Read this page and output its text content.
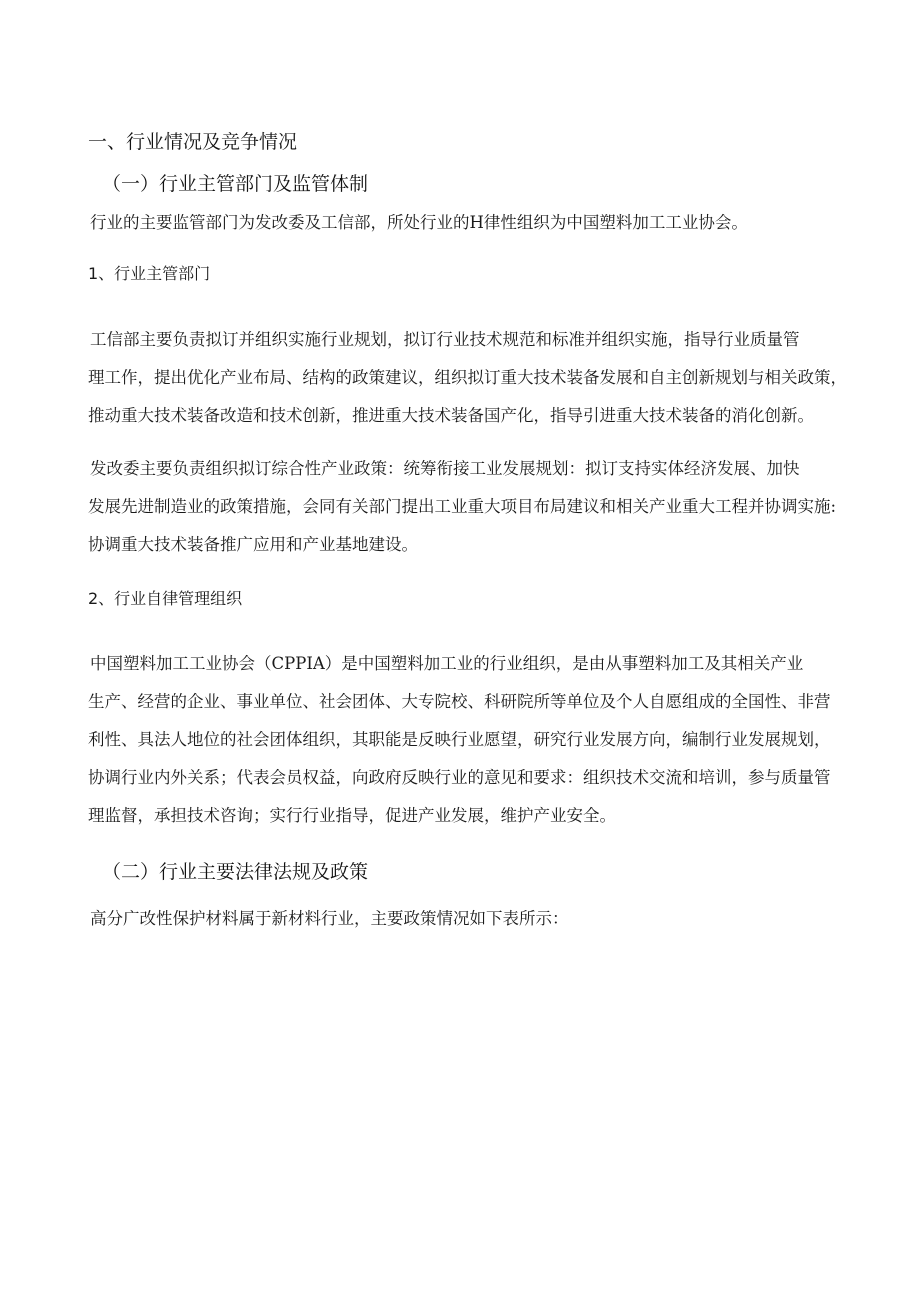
一、行业情况及竞争情况
（一）行业主管部门及监管体制
行业的主要监管部门为发改委及工信部，所处行业的H律性组织为中国塑料加工工业协会。
1、行业主管部门
工信部主要负责拟订并组织实施行业规划，拟订行业技术规范和标准并组织实施，指导行业质量管
理工作，提出优化产业布局、结构的政策建议，组织拟订重大技术装备发展和自主创新规划与相关政策，
推动重大技术装备改造和技术创新，推进重大技术装备国产化，指导引进重大技术装备的消化创新。
发改委主要负责组织拟订综合性产业政策：统筹衔接工业发展规划：拟订支持实体经济发展、加快
发展先进制造业的政策措施，会同有关部门提出工业重大项目布局建议和相关产业重大工程并协调实施:
协调重大技术装备推广应用和产业基地建设。
2、行业自律管理组织
中国塑料加工工业协会（CPPIA）是中国塑料加工业的行业组织，是由从事塑料加工及其相关产业
生产、经营的企业、事业单位、社会团体、大专院校、科研院所等单位及个人自愿组成的全国性、非营
利性、具法人地位的社会团体组织，其职能是反映行业愿望，研究行业发展方向，编制行业发展规划，
协调行业内外关系；代表会员权益，向政府反映行业的意见和要求：组织技术交流和培训，参与质量管
理监督，承担技术咨询；实行行业指导，促进产业发展，维护产业安全。
（二）行业主要法律法规及政策
高分广改性保护材料属于新材料行业，主要政策情况如下表所示：
